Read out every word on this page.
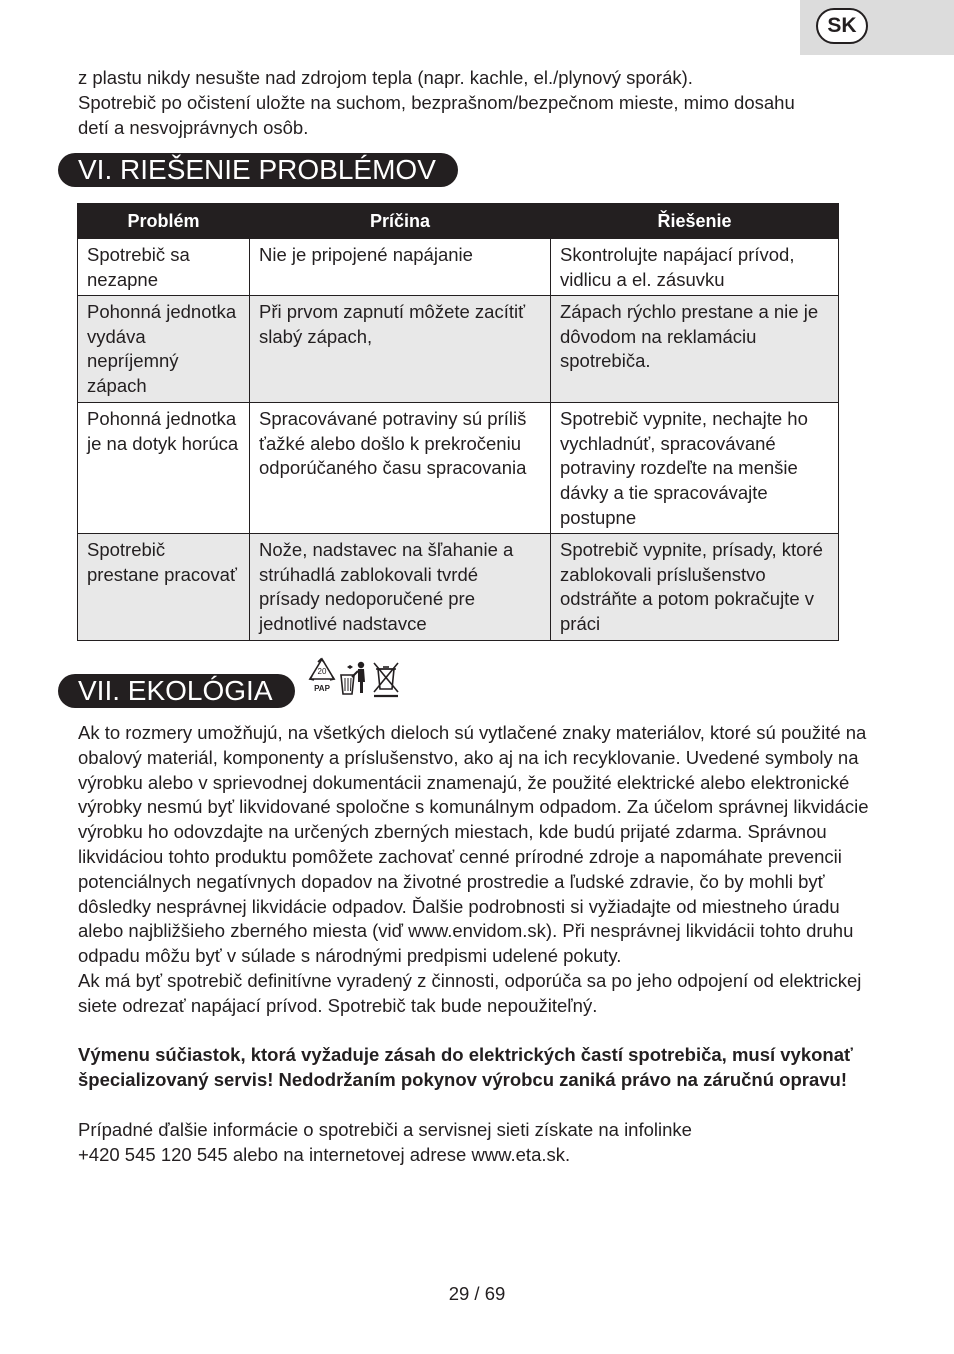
SK
z plastu nikdy nesušte nad zdrojom tepla (napr. kachle, el./plynový sporák).
Spotrebič po očistení uložte na suchom, bezprašnom/bezpečnom mieste, mimo dosahu
detí a nesvojprávnych osôb.
VI. RIEŠENIE PROBLÉMOV
Problém	Príčina	Řiešenie
Spotrebič sa nezapne	Nie je pripojené napájanie	Skontrolujte napájací prívod, vidlicu a el. zásuvku
Pohonná jednotka vydáva nepríjemný zápach	Při prvom zapnutí môžete zacítiť slabý zápach,	Zápach rýchlo prestane a nie je dôvodom na reklamáciu spotrebiča.
Pohonná jednotka je na dotyk horúca	Spracovávané potraviny sú príliš ťažké alebo došlo k prekročeniu odporúčaného času spracovania	Spotrebič vypnite, nechajte ho vychladnúť, spracovávané potraviny rozdeľte na menšie dávky a tie spracovávajte postupne
Spotrebič prestane pracovať	Nože, nadstavec na šľahanie a strúhadlá zablokovali tvrdé prísady nedoporučené pre jednotlivé nadstavce	Spotrebič vypnite, prísady, ktoré zablokovali príslušenstvo odstráňte a potom pokračujte v práci
VII. EKOLÓGIA
20
PAP

Ak to rozmery umožňujú, na všetkých dieloch sú vytlačené znaky materiálov, ktoré sú použité na obalový materiál, komponenty a príslušenstvo, ako aj na ich recyklovanie. Uvedené symboly na výrobku alebo v sprievodnej dokumentácii znamenajú, že použité elektrické alebo elektronické výrobky nesmú byť likvidované spoločne s komunálnym odpadom. Za účelom správnej likvidácie výrobku ho odovzdajte na určených zberných miestach, kde budú prijaté zdarma. Správnou likvidáciou tohto produktu pomôžete zachovať cenné prírodné zdroje a napomáhate prevencii potenciálnych negatívnych dopadov na životné prostredie a ľudské zdravie, čo by mohli byť dôsledky nesprávnej likvidácie odpadov. Ďalšie podrobnosti si vyžiadajte od miestneho úradu alebo najbližšieho zberného miesta (viď www.envidom.sk). Při nesprávnej likvidácii tohto druhu odpadu môžu byť v súlade s národnými predpismi udelené pokuty.

Ak má byť spotrebič definitívne vyradený z činnosti, odporúča sa po jeho odpojení od elektrickej siete odrezať napájací prívod. Spotrebič tak bude nepoužiteľný.

Výmenu súčiastok, ktorá vyžaduje zásah do elektrických častí spotrebiča, musí vykonať špecializovaný servis! Nedodržaním pokynov výrobcu zaniká právo na záručnú opravu!

Prípadné ďalšie informácie o spotrebiči a servisnej sieti získate na infolinke

+420 545 120 545 alebo na internetovej adrese www.eta.sk.

29 / 69
